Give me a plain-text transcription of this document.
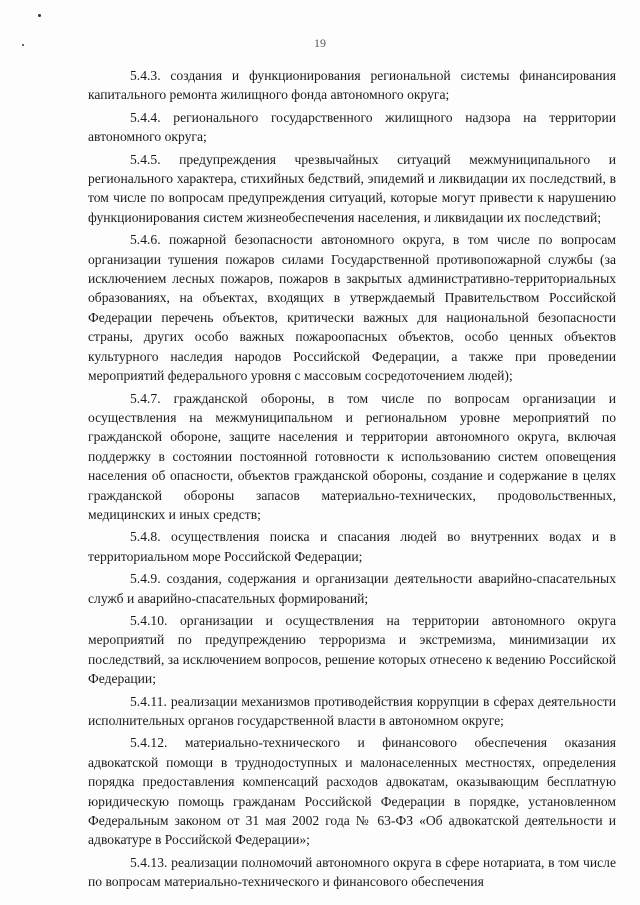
19

5.4.3. создания и функционирования региональной системы финансирования капитального ремонта жилищного фонда автономного округа;

5.4.4. регионального государственного жилищного надзора на территории автономного округа;

5.4.5. предупреждения чрезвычайных ситуаций межмуниципального и регионального характера, стихийных бедствий, эпидемий и ликвидации их последствий, в том числе по вопросам предупреждения ситуаций, которые могут привести к нарушению функционирования систем жизнеобеспечения населения, и ликвидации их последствий;

5.4.6. пожарной безопасности автономного округа, в том числе по вопросам организации тушения пожаров силами Государственной противопожарной службы (за исключением лесных пожаров, пожаров в закрытых административно-территориальных образованиях, на объектах, входящих в утверждаемый Правительством Российской Федерации перечень объектов, критически важных для национальной безопасности страны, других особо важных пожароопасных объектов, особо ценных объектов культурного наследия народов Российской Федерации, а также при проведении мероприятий федерального уровня с массовым сосредоточением людей);

5.4.7. гражданской обороны, в том числе по вопросам организации и осуществления на межмуниципальном и региональном уровне мероприятий по гражданской обороне, защите населения и территории автономного округа, включая поддержку в состоянии постоянной готовности к использованию систем оповещения населения об опасности, объектов гражданской обороны, создание и содержание в целях гражданской обороны запасов материально-технических, продовольственных, медицинских и иных средств;

5.4.8. осуществления поиска и спасания людей во внутренних водах и в территориальном море Российской Федерации;

5.4.9. создания, содержания и организации деятельности аварийно-спасательных служб и аварийно-спасательных формирований;

5.4.10. организации и осуществления на территории автономного округа мероприятий по предупреждению терроризма и экстремизма, минимизации их последствий, за исключением вопросов, решение которых отнесено к ведению Российской Федерации;

5.4.11. реализации механизмов противодействия коррупции в сферах деятельности исполнительных органов государственной власти в автономном округе;

5.4.12. материально-технического и финансового обеспечения оказания адвокатской помощи в труднодоступных и малонаселенных местностях, определения порядка предоставления компенсаций расходов адвокатам, оказывающим бесплатную юридическую помощь гражданам Российской Федерации в порядке, установленном Федеральным законом от 31 мая 2002 года № 63-ФЗ «Об адвокатской деятельности и адвокатуре в Российской Федерации»;

5.4.13. реализации полномочий автономного округа в сфере нотариата, в том числе по вопросам материально-технического и финансового обеспечения
